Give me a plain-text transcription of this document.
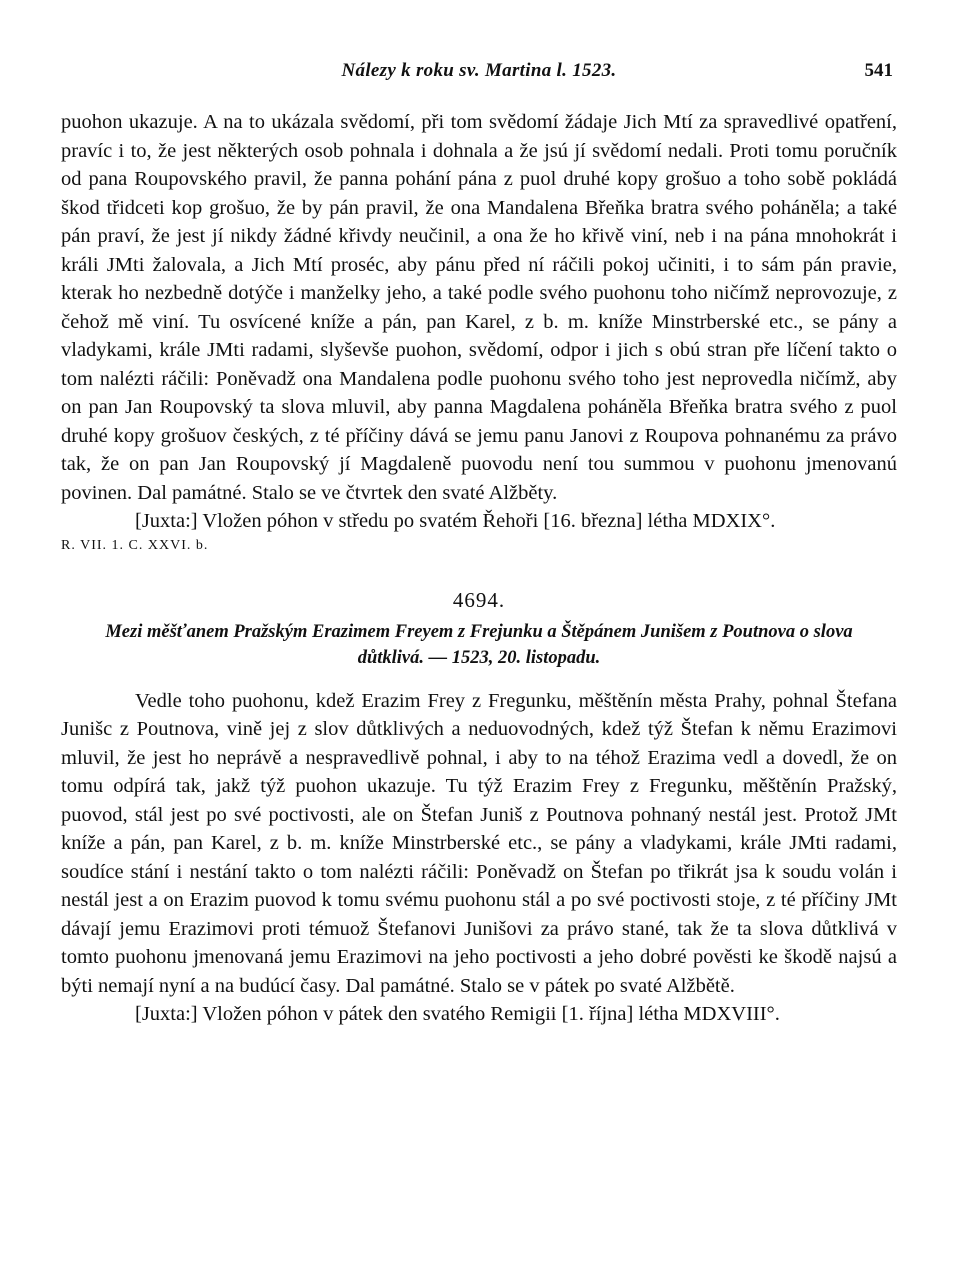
Nálezy k roku sv. Martina l. 1523.	541

puohon ukazuje. A na to ukázala svědomí, při tom svědomí žádaje Jich Mtí za spravedlivé opatření, pravíc i to, že jest některých osob pohnala i dohnala a že jsú jí svědomí nedali. Proti tomu poručník od pana Roupovského pravil, že panna pohání pána z puol druhé kopy grošuo a toho sobě pokládá škod třidceti kop grošuo, že by pán pravil, že ona Mandalena Břeňka bratra svého poháněla; a také pán praví, že jest jí nikdy žádné křivdy neučinil, a ona že ho křivě viní, neb i na pána mnohokrát i králi JMti žalovala, a Jich Mtí proséc, aby pánu před ní ráčili pokoj učiniti, i to sám pán pravie, kterak ho nezbedně dotýče i manželky jeho, a také podle svého puohonu toho ničímž neprovozuje, z čehož mě viní. Tu osvícené kníže a pán, pan Karel, z b. m. kníže Minstrberské etc., se pány a vladykami, krále JMti radami, slyševše puohon, svědomí, odpor i jich s obú stran pře líčení takto o tom nalézti ráčili: Poněvadž ona Mandalena podle puohonu svého toho jest neprovedla ničímž, aby on pan Jan Roupovský ta slova mluvil, aby panna Magdalena poháněla Břeňka bratra svého z puol druhé kopy grošuov českých, z té příčiny dává se jemu panu Janovi z Roupova pohnanému za právo tak, že on pan Jan Roupovský jí Magdaleně puovodu není tou summou v puohonu jmenovanú povinen. Dal památné. Stalo se ve čtvrtek den svaté Alžběty.

[Juxta:] Vložen póhon v středu po svatém Řehoři [16. března] létha MDXIX°.

R. VII. 1. C. XXVI. b.
4694.
Mezi měšťanem Pražským Erazimem Freyem z Frejunku a Štěpánem Junišem z Poutnova o slova důtklivá. — 1523, 20. listopadu.

Vedle toho puohonu, kdež Erazim Frey z Fregunku, měštěnín města Prahy, pohnal Štefana Junišc z Poutnova, vině jej z slov důtklivých a neduovodných, kdež týž Štefan k němu Erazimovi mluvil, že jest ho neprávě a nespravedlivě pohnal, i aby to na téhož Erazima vedl a dovedl, že on tomu odpírá tak, jakž týž puohon ukazuje. Tu týž Erazim Frey z Fregunku, měštěnín Pražský, puovod, stál jest po své poctivosti, ale on Štefan Juniš z Poutnova pohnaný nestál jest. Protož JMt kníže a pán, pan Karel, z b. m. kníže Minstrberské etc., se pány a vladykami, krále JMti radami, soudíce stání i nestání takto o tom nalézti ráčili: Poněvadž on Štefan po třikrát jsa k soudu volán i nestál jest a on Erazim puovod k tomu svému puohonu stál a po své poctivosti stoje, z té příčiny JMt dávají jemu Erazimovi proti témuož Štefanovi Junišovi za právo stané, tak že ta slova důtklivá v tomto puohonu jmenovaná jemu Erazimovi na jeho poctivosti a jeho dobré pověsti ke škodě najsú a býti nemají nyní a na budúcí časy. Dal památné. Stalo se v pátek po svaté Alžbětě.

[Juxta:] Vložen póhon v pátek den svatého Remigii [1. října] létha MDXVIII°.
